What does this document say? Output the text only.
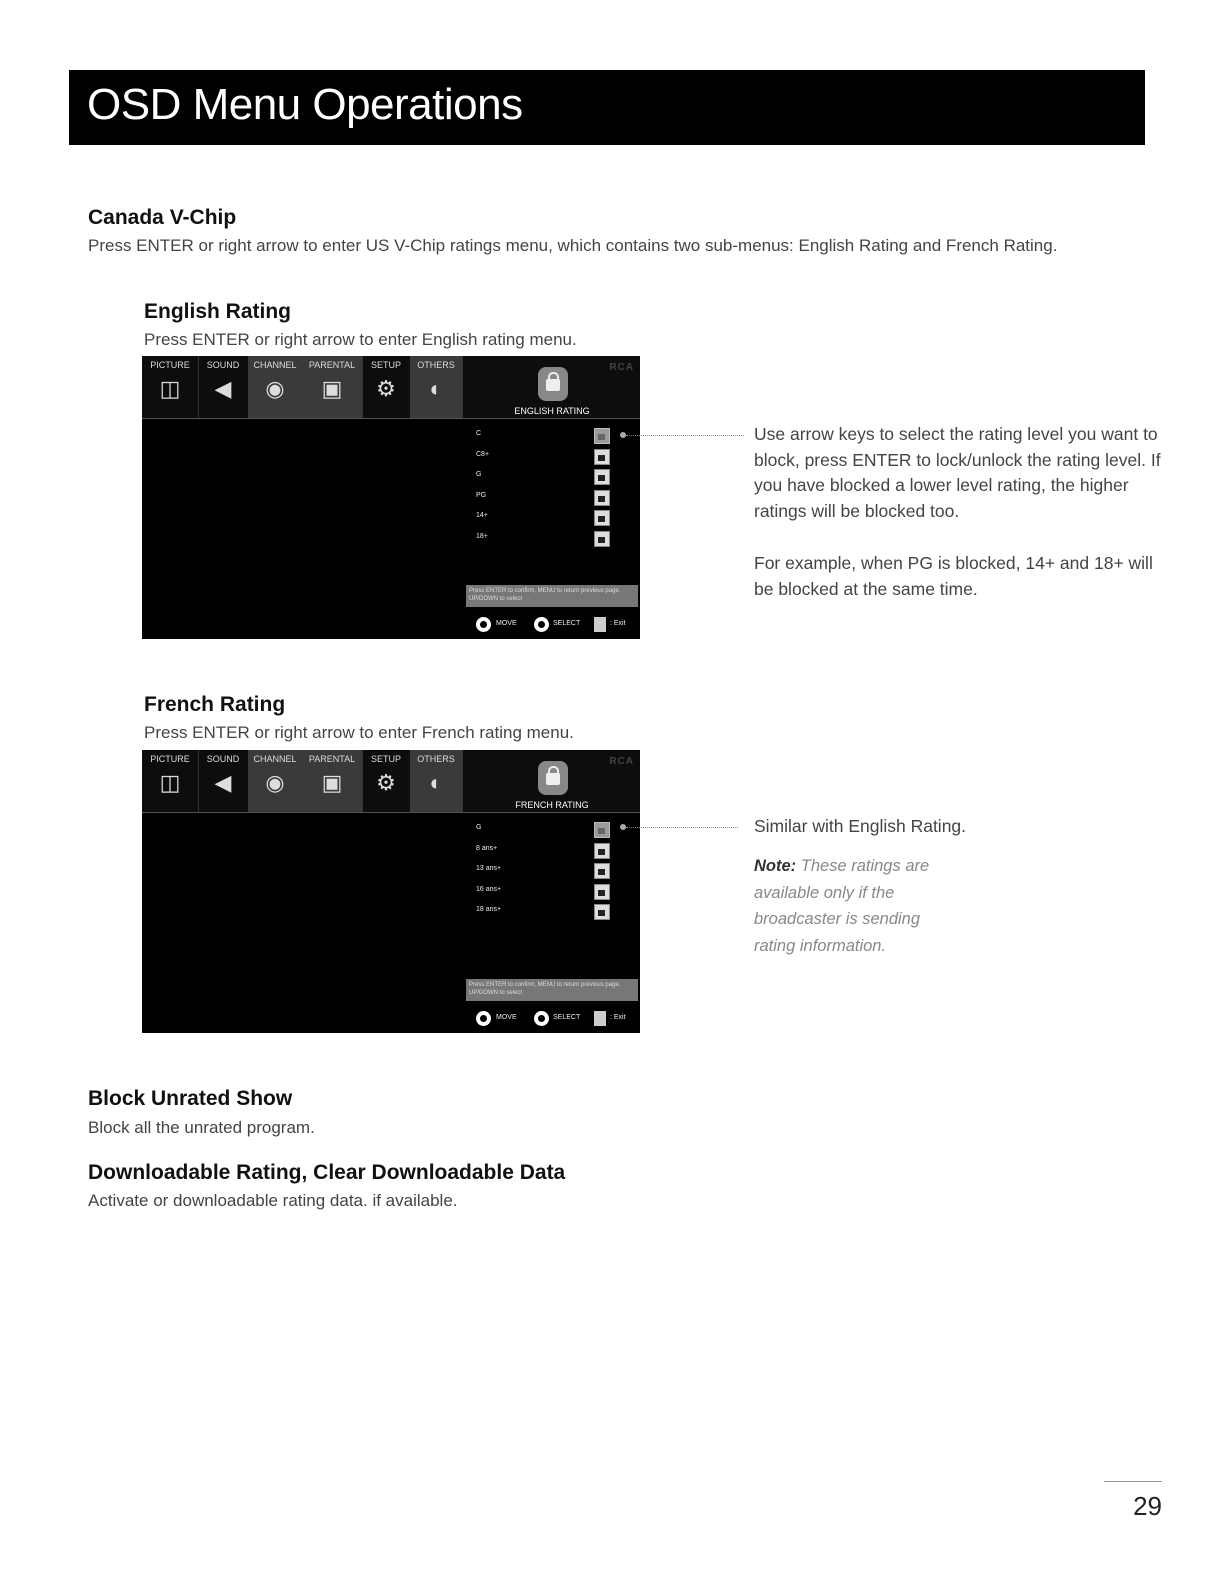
OSD Menu Operations
Canada V-Chip

Press ENTER or right arrow to enter US V-Chip ratings menu, which contains two sub-menus: English Rating and French Rating.

English Rating

Press ENTER or right arrow to enter English rating menu.

PICTURE
◫
SOUND
◀
CHANNEL
◉
PARENTAL
▣
SETUP
⚙
OTHERS
◐
RCA
ENGLISH RATING
C
C8+
G
PG
14+
18+
Press ENTER to confirm, MENU to return previous page, UP/DOWN to select
MOVE	SELECT	: Exit

Use arrow keys to select the rating level you want to block, press ENTER to lock/unlock the rating level. If you have blocked a lower level rating, the higher ratings will be blocked too.

For example, when PG is blocked, 14+ and 18+ will be blocked at the same time.

French Rating

Press ENTER or right arrow to enter French rating menu.

PICTURE
◫
SOUND
◀
CHANNEL
◉
PARENTAL
▣
SETUP
⚙
OTHERS
◐
RCA
FRENCH RATING
G
8 ans+
13 ans+
16 ans+
18 ans+
Press ENTER to confirm, MENU to return previous page, UP/DOWN to select
MOVE	SELECT	: Exit

Similar with English Rating.

Note: These ratings are available only if the broadcaster is sending rating information.

Block Unrated Show

Block all the unrated program.

Downloadable Rating, Clear Downloadable Data

Activate or downloadable rating data. if available.

29
